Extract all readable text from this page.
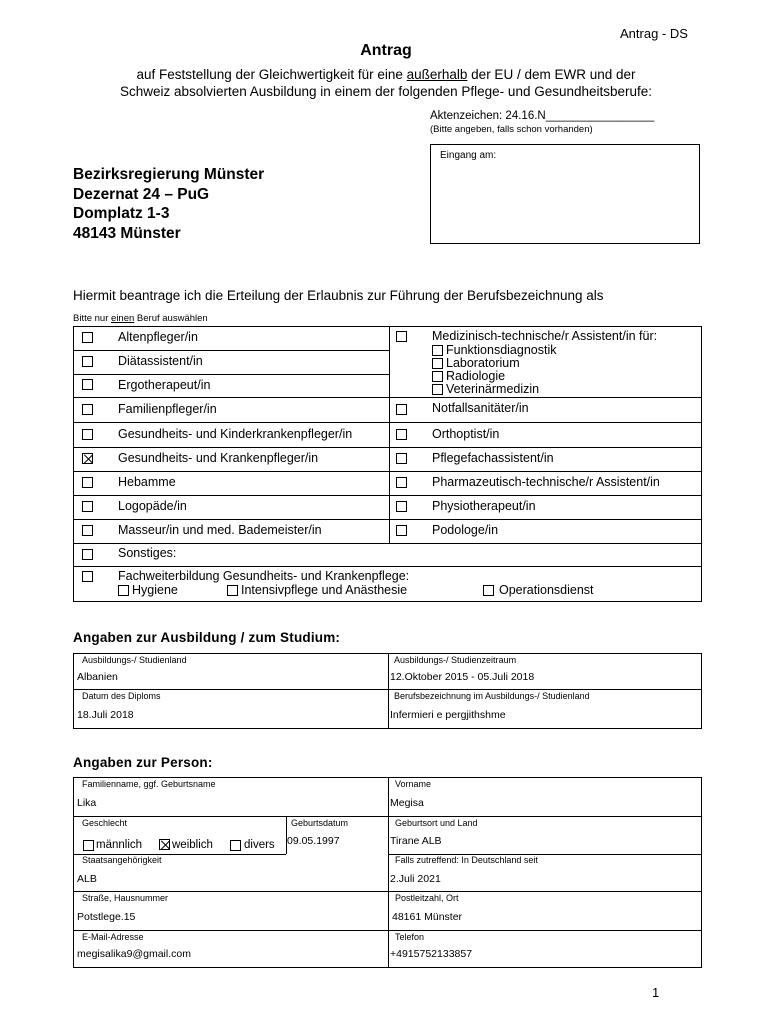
Antrag - DS
Antrag
auf Feststellung der Gleichwertigkeit für eine außerhalb der EU / dem EWR und der
Schweiz absolvierten Ausbildung in einem der folgenden Pflege- und Gesundheitsberufe:
Aktenzeichen: 24.16.N_________________
(Bitte angeben, falls schon vorhanden)
Eingang am:
Bezirksregierung Münster
Dezernat 24 – PuG
Domplatz 1-3
48143 Münster
Hiermit beantrage ich die Erteilung der Erlaubnis zur Führung der Berufsbezeichnung als
Bitte nur einen Beruf auswählen
Altenpfleger/in
Diätassistent/in
Ergotherapeut/in
Familienpfleger/in
Gesundheits- und Kinderkrankenpfleger/in
Gesundheits- und Krankenpfleger/in
Hebamme
Logopäde/in
Masseur/in und med. Bademeister/in
Medizinisch-technische/r Assistent/in für:
Funktionsdiagnostik
Laboratorium
Radiologie
Veterinärmedizin
Notfallsanitäter/in
Orthoptist/in
Pflegefachassistent/in
Pharmazeutisch-technische/r Assistent/in
Physiotherapeut/in
Podologe/in
Sonstiges:
Fachweiterbildung Gesundheits- und Krankenpflege:
Hygiene	Intensivpflege und Anästhesie	Operationsdienst
Angaben zur Ausbildung / zum Studium:
Ausbildungs-/ Studienland
Albanien
Ausbildungs-/ Studienzeitraum
12.Oktober 2015 - 05.Juli 2018
Datum des Diploms
18.Juli 2018
Berufsbezeichnung im Ausbildungs-/ Studienland
Infermieri e pergjithshme
Angaben zur Person:
Familienname, ggf. Geburtsname
Lika
Vorname
Megisa
Geschlecht
männlich	weiblich	divers
Geburtsdatum
09.05.1997
Geburtsort und Land
Tirane ALB
Staatsangehörigkeit
ALB
Falls zutreffend: In Deutschland seit
2.Juli 2021
Straße, Hausnummer
Potstlege.15
Postleitzahl, Ort
48161 Münster
E-Mail-Adresse
megisalika9@gmail.com
Telefon
+4915752133857
1
